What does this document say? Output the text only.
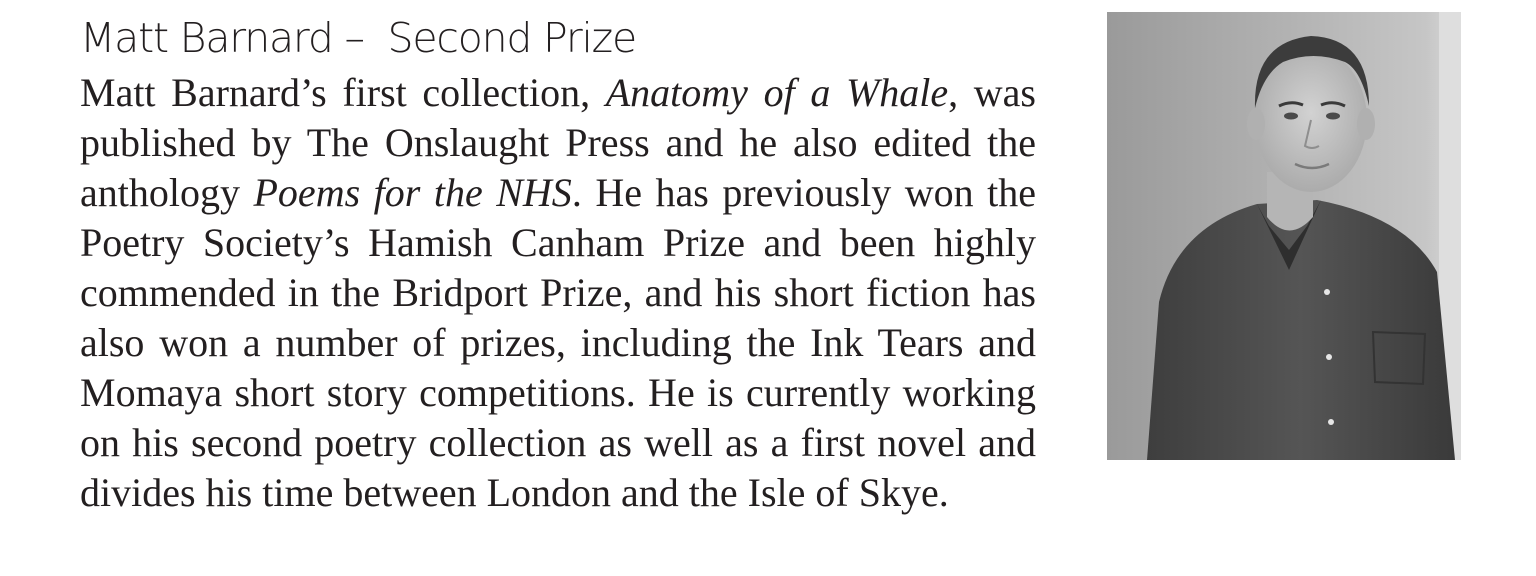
Matt Barnard – Second Prize

Matt Barnard’s first collection, Anatomy of a Whale, was published by The Onslaught Press and he also edited the anthology Poems for the NHS. He has previously won the Poetry Society’s Hamish Canham Prize and been highly commended in the Bridport Prize, and his short fiction has also won a number of prizes, including the Ink Tears and Momaya short story competitions. He is currently working on his second poetry collection as well as a first novel and divides his time between London and the Isle of Skye.
